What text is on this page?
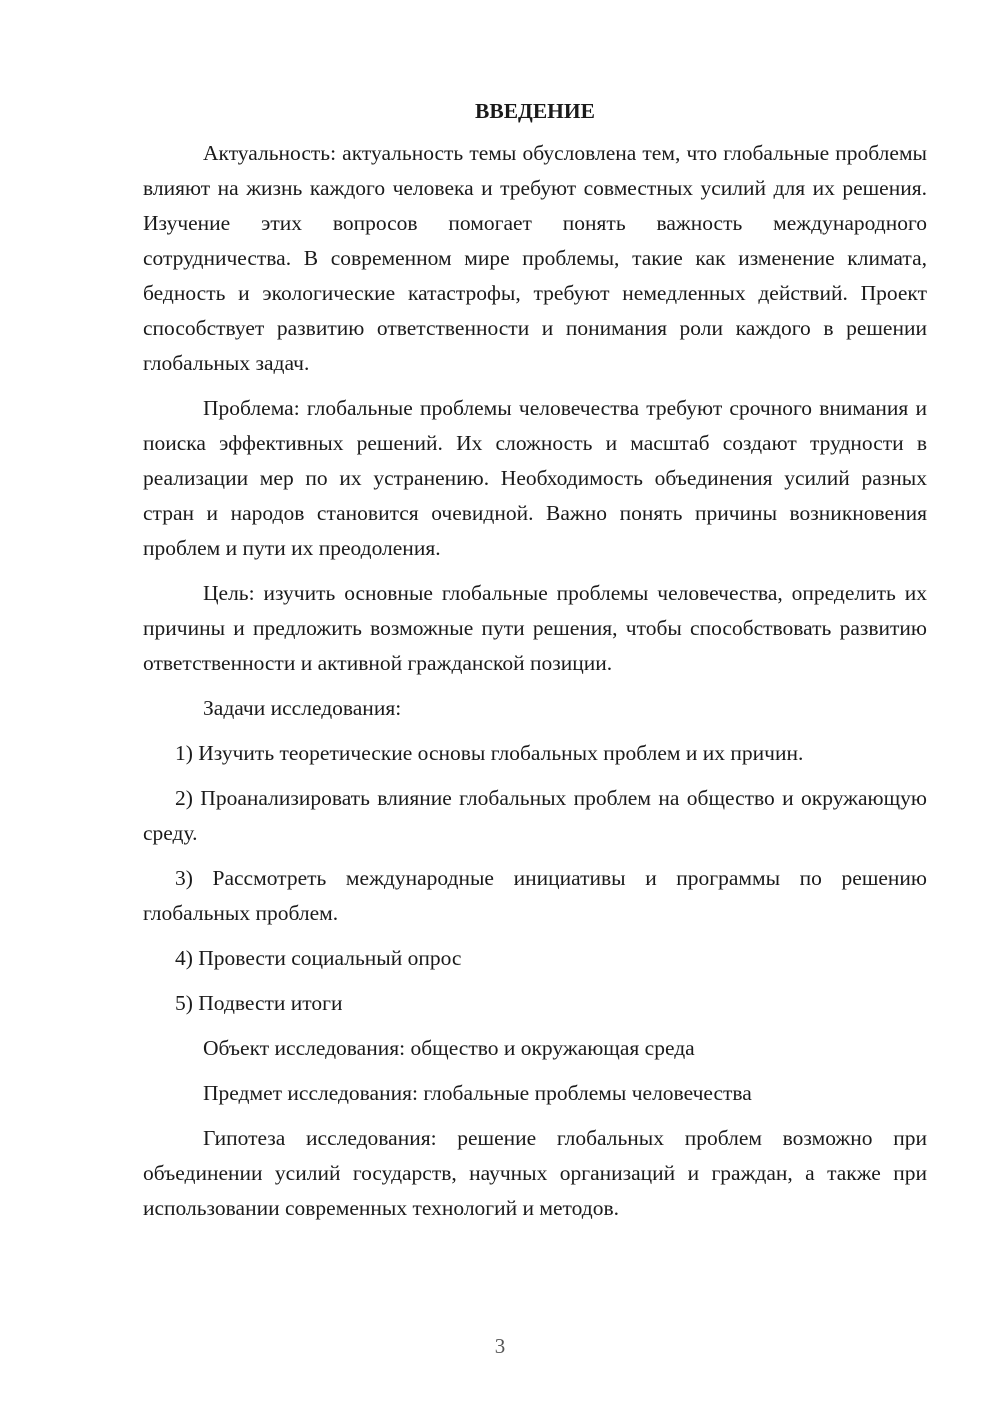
ВВЕДЕНИЕ

Актуальность: актуальность темы обусловлена тем, что глобальные проблемы влияют на жизнь каждого человека и требуют совместных усилий для их решения. Изучение этих вопросов помогает понять важность международного сотрудничества. В современном мире проблемы, такие как изменение климата, бедность и экологические катастрофы, требуют немедленных действий. Проект способствует развитию ответственности и понимания роли каждого в решении глобальных задач.

Проблема: глобальные проблемы человечества требуют срочного внимания и поиска эффективных решений. Их сложность и масштаб создают трудности в реализации мер по их устранению. Необходимость объединения усилий разных стран и народов становится очевидной. Важно понять причины возникновения проблем и пути их преодоления.

Цель: изучить основные глобальные проблемы человечества, определить их причины и предложить возможные пути решения, чтобы способствовать развитию ответственности и активной гражданской позиции.

Задачи исследования:

1) Изучить теоретические основы глобальных проблем и их причин.

2) Проанализировать влияние глобальных проблем на общество и окружающую среду.

3) Рассмотреть международные инициативы и программы по решению глобальных проблем.

4) Провести социальный опрос

5) Подвести итоги

Объект исследования: общество и окружающая среда

Предмет исследования: глобальные проблемы человечества

Гипотеза исследования: решение глобальных проблем возможно при объединении усилий государств, научных организаций и граждан, а также при использовании современных технологий и методов.

3
